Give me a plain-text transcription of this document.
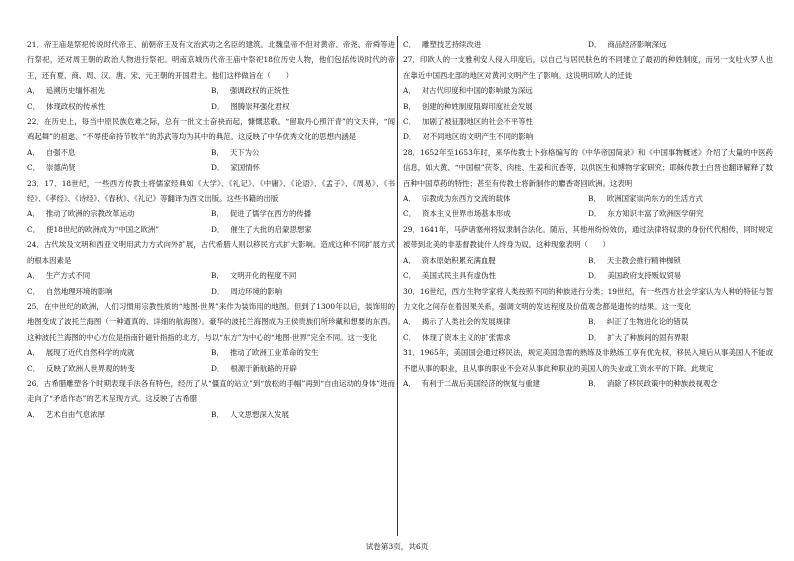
21．帝王庙是祭祀传说时代帝王、前朝帝王及有文治武功之名臣的建筑。北魏皇帝不但对黄帝、帝尧、帝舜等进行祭祀，还对周王朝的政治人物进行祭祀。明南京城历代帝王庙中祭祀18位历史人物，他们包括传说时代的帝王，还有夏、商、周、汉、唐、宋、元王朝的开国君主。他们这样做旨在（　　）

A． 追溯历史缅怀祖先	B． 强调政权的正统性
C． 体现政权的传承性	D． 图腾崇拜强化君权

22．在历史上，每当中原民族危难之际，总有一批文士奋袂而起，慷慨悲歌。“留取丹心照汗青”的文天祥，“闻鸡起舞”的祖逖、“不辱使命持节牧羊”的苏武等均为其中的典范。这反映了中华优秀文化的思想内涵是

A． 自强不息	B． 天下为公
C． 崇德尚贤	D． 家国情怀

23．17、18世纪，一些西方传教士将儒家经典如《大学》、《礼记》、《中庸》、《论语》、《孟子》、《周易》、《书经》、《孝经》、《诗经》、《春秋》、《礼记》等翻译为西文出版。这些书籍的出版

A． 推动了欧洲的宗教改革运动	B． 促进了儒学在西方的传播
C． 使18世纪的欧洲成为“中国之欧洲”	D． 催生了大批的启蒙思想家

24．古代埃及文明和西亚文明用武力方式向外扩展，古代希腊人则以移民方式扩大影响。造成这种不同扩展方式的根本因素是

A． 生产方式不同	B． 文明开化的程度不同
C． 自然地理环境的影响	D． 周边环境的影响

25．在中世纪的欧洲，人们习惯用宗教性质的“地图·世界”来作为装饰用的地图。但到了1300年以后，装饰用的地图变成了波托兰海图（一种遒真的、详细的航海图）。豪华的波托兰海图成为王侯贵族们所珍藏和想要的东西。这种波托兰海图的中心方位是指南针磁针指指的北方，与以“东方”为中心的“地图·世界”完全不同。这一变化

A． 展现了近代自然科学的成就	B． 推动了欧洲工业革命的发生
C． 反映了欧洲人世界观的转变	D． 根源于新航路的开辟

26．古希腊雕塑各个时期表现手法各有特色，经历了从“僵直的站立”到“放松的手幅”再到“自由运动的身体”进而走向了“矛盾作态”的艺术呈现方式。这反映了古希腊

A． 艺术自由气息浓厚	B． 人文思想深入发展
C． 雕塑技艺持续改进	D． 商品经济影响深远

27．印欧人的一支雅利安人侵入印度后，以自己与居民肤色的不同建立了最初的种姓制度，而另一支吐火罗人也在靠近中国西北部的地区对黄河文明产生了影响。这说明印欧人的迁徙

A． 对古代印度和中国的影响最为深远
B． 创建的种姓制度阻碍印度社会发展
C． 加剧了被征服地区的社会不平等性
D． 对不同地区的文明产生不同的影响

28．1652年至1653年时，来华传教士卜弥格编写的《中华帝国简录》和《中国事物概述》介绍了大量的中医药信息，如大黄、“中国根”茯苓、肉桂、生姜和沉香等，以供医生和博物学家研究；耶稣传教士白晋也翻译解释了数百种中国草药的特性；甚至有传教士将新制作的麝香寄回欧洲。这表明

A． 宗教成为东西方交流的载体	B． 欧洲国家崇尚东方的生活方式
C． 资本主义世界市场基本形成	D． 东方知识丰富了欧洲医学研究

29．1641年，马萨诸塞州将奴隶制合法化。随后，其他州纷纷效仿，通过法律将奴隶的身份代代相传，同时规定被带到北美的非基督教徒什人终身为奴。这种现象表明（　　）

A． 资本原始积累充满血腥	B． 天主教会推行精神枷锁
C． 美国式民主具有虚伪性	D． 美国政府支持贩奴贸易

30．16世纪，西方生物学家将人类按照不同的种族进行分类；19世纪，有一些西方社会学家认为人种的特征与智力文化之间存在着因果关系，强调文明的发达程度及价值观念都是遗传的结果。这一变化

A． 揭示了人类社会的发展规律	B． 纠正了生物进化论的错误
C． 体现了资本主义的扩张需求	D． 扩大了种族间的固有界限

31．1965年，美国国会通过移民法，规定美国急需的熟练及非熟练工享有优先权，移民入境后从事美国人不能或不愿从事的职业，且从事的职业不会对从事此种职业的美国人的失业或工资水平的下降。此规定

A． 有利于二战后美国经济的恢复与重建	B． 消除了移民政策中的种族歧视观念
试卷第3页，共6页
